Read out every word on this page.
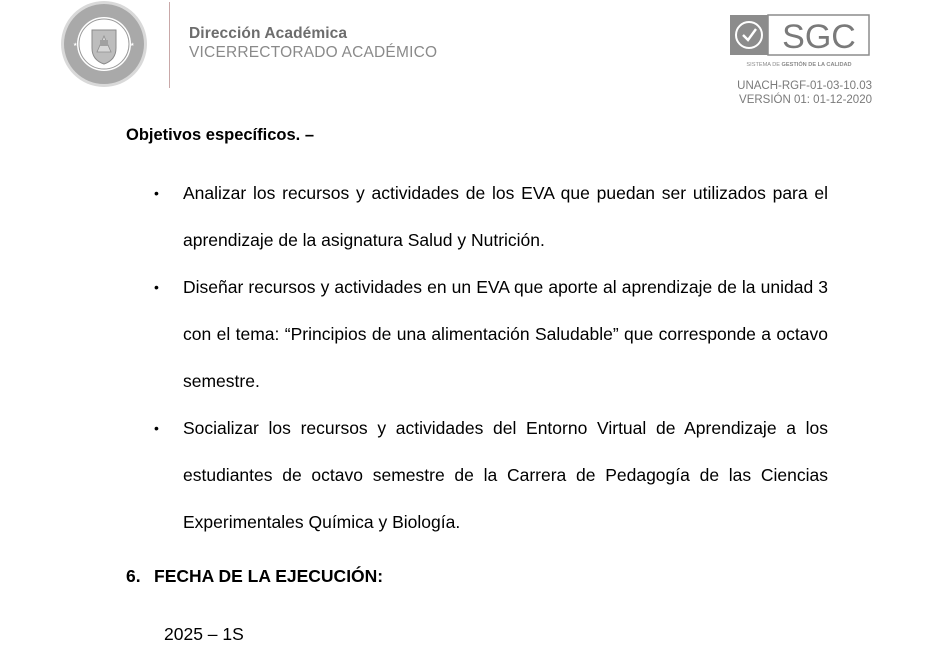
★	★
Dirección Académica
VICERRECTORADO ACADÉMICO	SGC
SISTEMA DE GESTIÓN DE LA CALIDAD
UNACH-RGF-01-03-10.03
VERSIÓN 01: 01-12-2020
Objetivos específicos. –
• Analizar los recursos y actividades de los EVA que puedan ser utilizados para el aprendizaje de la asignatura Salud y Nutrición.
• Diseñar recursos y actividades en un EVA que aporte al aprendizaje de la unidad 3 con el tema: “Principios de una alimentación Saludable” que corresponde a octavo semestre.
• Socializar los recursos y actividades del Entorno Virtual de Aprendizaje a los estudiantes de octavo semestre de la Carrera de Pedagogía de las Ciencias Experimentales Química y Biología.
6. FECHA DE LA EJECUCIÓN:
2025 – 1S
